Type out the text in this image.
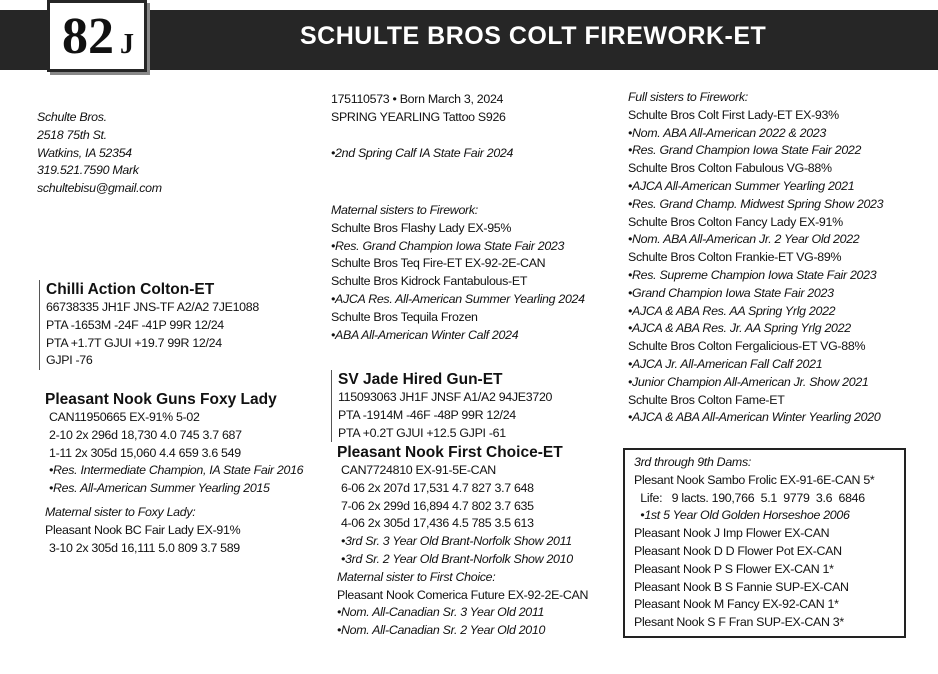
SCHULTE BROS COLT FIREWORK-ET
82 J
Schulte Bros.
2518 75th St.
Watkins, IA 52354
319.521.7590 Mark
schultebisu@gmail.com
Chilli Action Colton-ET
66738335 JH1F JNS-TF A2/A2 7JE1088
PTA -1653M -24F -41P 99R 12/24
PTA +1.7T GJUI +19.7 99R 12/24
GJPI -76
Pleasant Nook Guns Foxy Lady
CAN11950665 EX-91% 5-02
2-10 2x 296d 18,730 4.0 745 3.7 687
1-11 2x 305d 15,060 4.4 659 3.6 549
•Res. Intermediate Champion, IA State Fair 2016
•Res. All-American Summer Yearling 2015
Maternal sister to Foxy Lady:
Pleasant Nook BC Fair Lady EX-91%
3-10 2x 305d 16,111 5.0 809 3.7 589
175110573 • Born March 3, 2024
SPRING YEARLING Tattoo S926
•2nd Spring Calf IA State Fair 2024
Maternal sisters to Firework:
Schulte Bros Flashy Lady EX-95%
•Res. Grand Champion Iowa State Fair 2023
Schulte Bros Teq Fire-ET EX-92-2E-CAN
Schulte Bros Kidrock Fantabulous-ET
•AJCA Res. All-American Summer Yearling 2024
Schulte Bros Tequila Frozen
•ABA All-American Winter Calf 2024
SV Jade Hired Gun-ET
115093063 JH1F JNSF A1/A2 94JE3720
PTA -1914M -46F -48P 99R 12/24
PTA +0.2T GJUI +12.5 GJPI -61
Pleasant Nook First Choice-ET
CAN7724810 EX-91-5E-CAN
6-06 2x 207d 17,531 4.7 827 3.7 648
7-06 2x 299d 16,894 4.7 802 3.7 635
4-06 2x 305d 17,436 4.5 785 3.5 613
•3rd Sr. 3 Year Old Brant-Norfolk Show 2011
•3rd Sr. 2 Year Old Brant-Norfolk Show 2010
Maternal sister to First Choice:
Pleasant Nook Comerica Future EX-92-2E-CAN
•Nom. All-Canadian Sr. 3 Year Old 2011
•Nom. All-Canadian Sr. 2 Year Old 2010
Full sisters to Firework:
Schulte Bros Colt First Lady-ET EX-93%
•Nom. ABA All-American 2022 & 2023
•Res. Grand Champion Iowa State Fair 2022
Schulte Bros Colton Fabulous VG-88%
•AJCA All-American Summer Yearling 2021
•Res. Grand Champ. Midwest Spring Show 2023
Schulte Bros Colton Fancy Lady EX-91%
•Nom. ABA All-American Jr. 2 Year Old 2022
Schulte Bros Colton Frankie-ET VG-89%
•Res. Supreme Champion Iowa State Fair 2023
•Grand Champion Iowa State Fair 2023
•AJCA & ABA Res. AA Spring Yrlg 2022
•AJCA & ABA Res. Jr. AA Spring Yrlg 2022
Schulte Bros Colton Fergalicious-ET VG-88%
•AJCA Jr. All-American Fall Calf 2021
•Junior Champion All-American Jr. Show 2021
Schulte Bros Colton Fame-ET
•AJCA & ABA All-American Winter Yearling 2020
3rd through 9th Dams:
Plesant Nook Sambo Frolic EX-91-6E-CAN 5*
Life:   9 lacts. 190,766  5.1  9779  3.6  6846
•1st 5 Year Old Golden Horseshoe 2006
Pleasant Nook J Imp Flower EX-CAN
Pleasant Nook D D Flower Pot EX-CAN
Pleasant Nook P S Flower EX-CAN 1*
Pleasant Nook B S Fannie SUP-EX-CAN
Pleasant Nook M Fancy EX-92-CAN 1*
Plesant Nook S F Fran SUP-EX-CAN 3*
